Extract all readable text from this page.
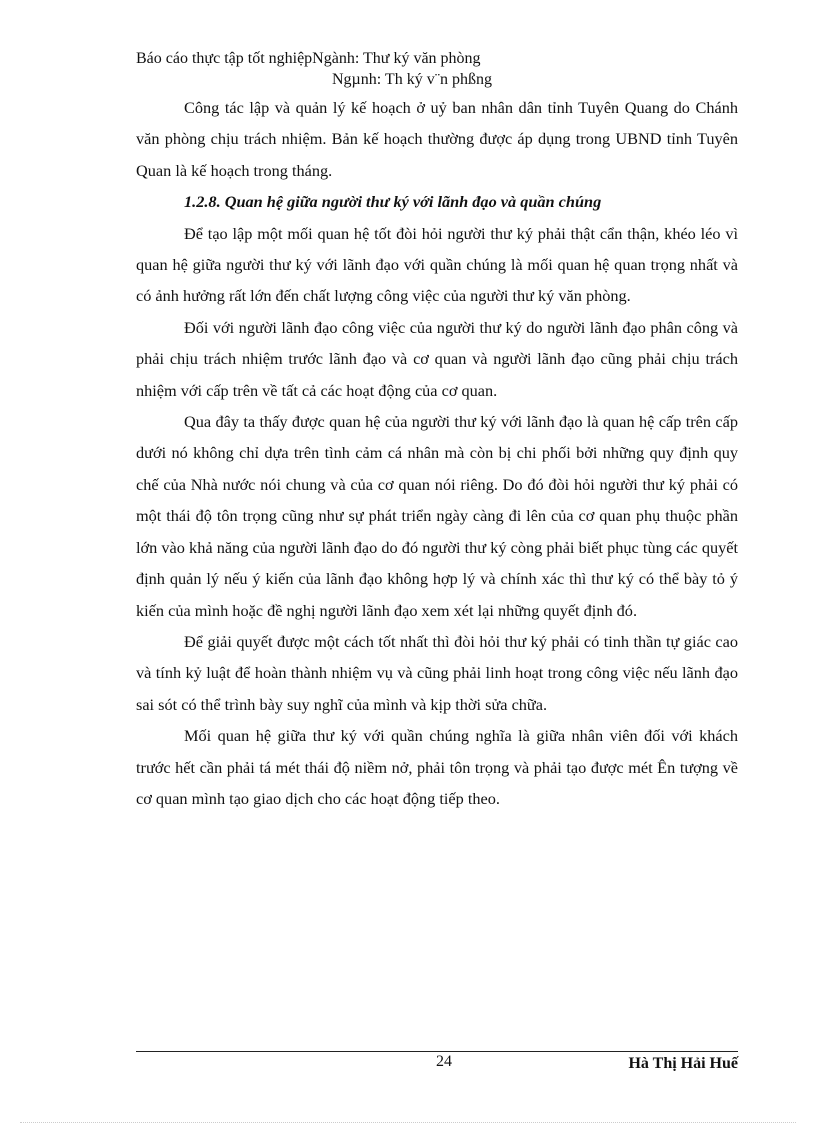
Báo cáo thực tập tốt nghiệpNgành: Thư ký văn phòng
Ngµnh: Th ký v¨n phßng

Công tác lập và quản lý kế hoạch ở uỷ ban nhân dân tỉnh Tuyên Quang do Chánh văn phòng chịu trách nhiệm. Bản kế hoạch thường được áp dụng trong UBND tỉnh Tuyên Quan là kế hoạch trong tháng.

1.2.8. Quan hệ giữa người thư ký với lãnh đạo và quần chúng

Để tạo lập một mối quan hệ tốt đòi hỏi người thư ký phải thật cẩn thận, khéo léo vì quan hệ giữa người thư ký với lãnh đạo với quần chúng là mối quan hệ quan trọng nhất và có ảnh hưởng rất lớn đến chất lượng công việc của người thư ký văn phòng.

Đối với người lãnh đạo công việc của người thư ký do người lãnh đạo phân công và phải chịu trách nhiệm trước lãnh đạo và cơ quan và người lãnh đạo cũng phải chịu trách nhiệm với cấp trên về tất cả các hoạt động của cơ quan.

Qua đây ta thấy được quan hệ của người thư ký với lãnh đạo là quan hệ cấp trên cấp dưới nó không chỉ dựa trên tình cảm cá nhân mà còn bị chi phối bởi những quy định quy chế của Nhà nước nói chung và của cơ quan nói riêng. Do đó đòi hỏi người thư ký phải có một thái độ tôn trọng cũng như sự phát triển ngày càng đi lên của cơ quan phụ thuộc phần lớn vào khả năng của người lãnh đạo do đó người thư ký còng phải biết phục tùng các quyết định quản lý nếu ý kiến của lãnh đạo không hợp lý và chính xác thì thư ký có thể bày tỏ ý kiến của mình hoặc đề nghị người lãnh đạo xem xét lại những quyết định đó.

Để giải quyết được một cách tốt nhất thì đòi hỏi thư ký phải có tinh thần tự giác cao và tính kỷ luật để hoàn thành nhiệm vụ và cũng phải linh hoạt trong công việc nếu lãnh đạo sai sót có thể trình bày suy nghĩ của mình và kịp thời sửa chữa.

Mối quan hệ giữa thư ký với quần chúng nghĩa là giữa nhân viên đối với khách trước hết cần phải tá mét thái độ niềm nở, phải tôn trọng và phải tạo được mét Ên tượng về cơ quan mình tạo giao dịch cho các hoạt động tiếp theo.

24	Hà Thị Hải Huế
